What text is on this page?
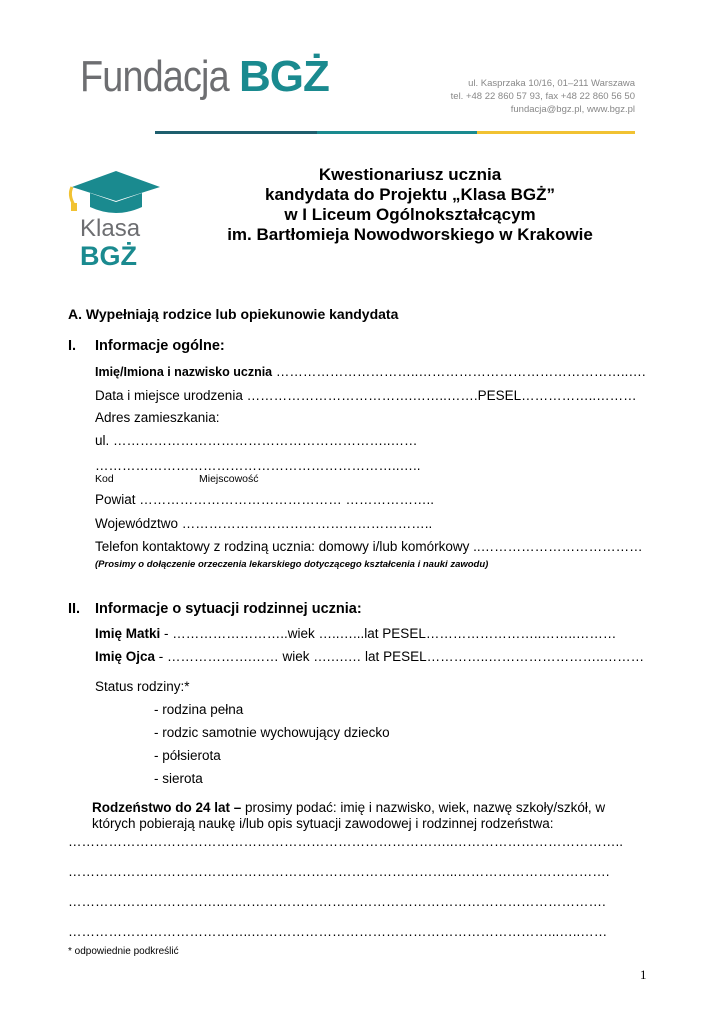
Fundacja BGŻ	ul. Kasprzaka 10/16, 01–211 Warszawa
tel. +48 22 860 57 93, fax +48 22 860 56 50
fundacja@bgz.pl, www.bgz.pl
Klasa
BGŻ
Kwestionariusz ucznia
kandydata do Projektu „Klasa BGŻ”
w I Liceum Ogólnokształcącym
im. Bartłomieja Nowodworskiego w Krakowie
A. Wypełniają rodzice lub opiekunowie kandydata
I. Informacje ogólne:
Imię/Imiona i nazwisko ucznia …………………………..………………………………………..….
Data i miejsce urodzenia ……………………………….……..…….PESEL……………..………
Adres zamieszkania:
ul. ……………………………………………………..……
…………………………………………………………..…..
Kod	Miejscowość
Powiat ……………………………………… ………………..
Województwo ………………………………………………..
Telefon kontaktowy z rodziną ucznia: domowy i/lub komórkowy ..………………………………
(Prosimy o dołączenie orzeczenia lekarskiego dotyczącego kształcenia i nauki zawodu)
II. Informacje o sytuacji rodzinnej ucznia:
Imię Matki - ……………………..wiek …..…...lat PESEL……………………..……..………
Imię Ojca - ……………….…… wiek ….….… lat PESEL…………..……………………..………
Status rodziny:*
- rodzina pełna
- rodzic samotnie wychowujący dziecko
- półsierota
- sierota
Rodzeństwo do 24 lat – prosimy podać: imię i nazwisko, wiek, nazwę szkoły/szkół, w
których pobierają naukę i/lub opis sytuacji zawodowej i rodzinnej rodzeństwa:
…………………………………………………………………………..………………………………..
…………………………………………………………………………...…………………………….
……………………………..………………………………………………………………………….
…………………………………..…………………………………………………………...…..……
* odpowiednie podkreślić
1
